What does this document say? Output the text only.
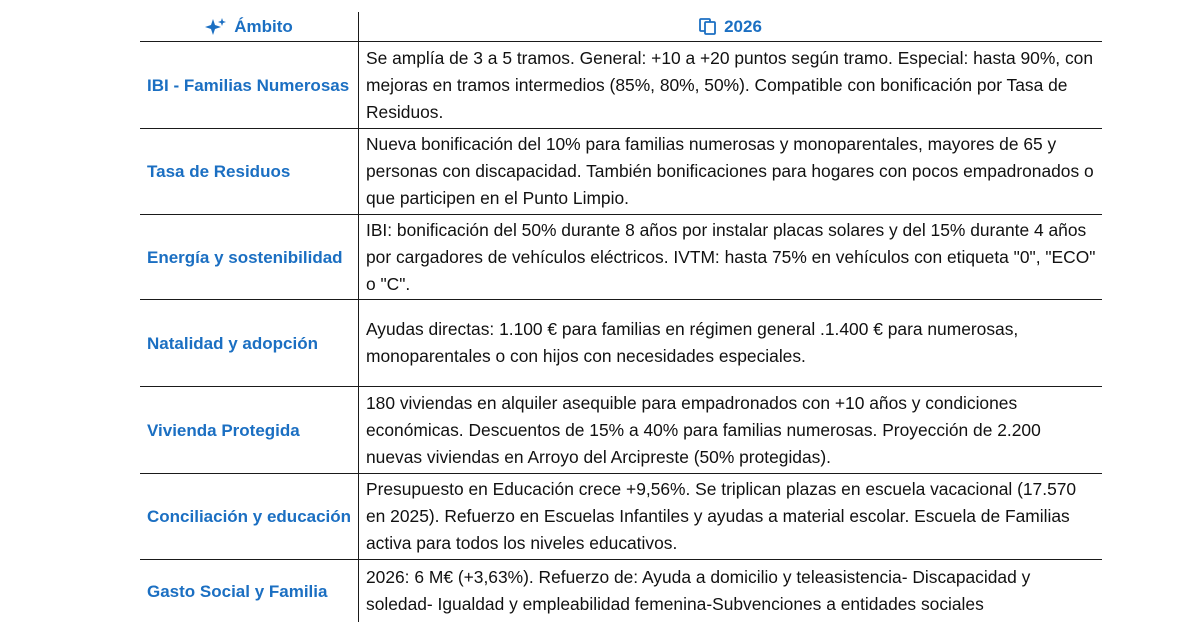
Ámbito	2026
IBI - Familias Numerosas
Se amplía de 3 a 5 tramos. General: +10 a +20 puntos según tramo. Especial: hasta 90%, con mejoras en tramos intermedios (85%, 80%, 50%). Compatible con bonificación por Tasa de Residuos.
Tasa de Residuos
Nueva bonificación del 10% para familias numerosas y monoparentales, mayores de 65 y personas con discapacidad. También bonificaciones para hogares con pocos empadronados o que participen en el Punto Limpio.
Energía y sostenibilidad
IBI: bonificación del 50% durante 8 años por instalar placas solares y del 15% durante 4 años por cargadores de vehículos eléctricos. IVTM: hasta 75% en vehículos con etiqueta "0", "ECO" o "C".
Natalidad y adopción
Ayudas directas: 1.100 € para familias en régimen general .1.400 € para numerosas, monoparentales o con hijos con necesidades especiales.
Vivienda Protegida
180 viviendas en alquiler asequible para empadronados con +10 años y condiciones económicas. Descuentos de 15% a 40% para familias numerosas. Proyección de 2.200 nuevas viviendas en Arroyo del Arcipreste (50% protegidas).
Conciliación y educación
Presupuesto en Educación crece +9,56%. Se triplican plazas en escuela vacacional (17.570 en 2025). Refuerzo en Escuelas Infantiles y ayudas a material escolar. Escuela de Familias activa para todos los niveles educativos.
Gasto Social y Familia
2026: 6 M€ (+3,63%). Refuerzo de: Ayuda a domicilio y teleasistencia- Discapacidad y soledad- Igualdad y empleabilidad femenina-Subvenciones a entidades sociales
